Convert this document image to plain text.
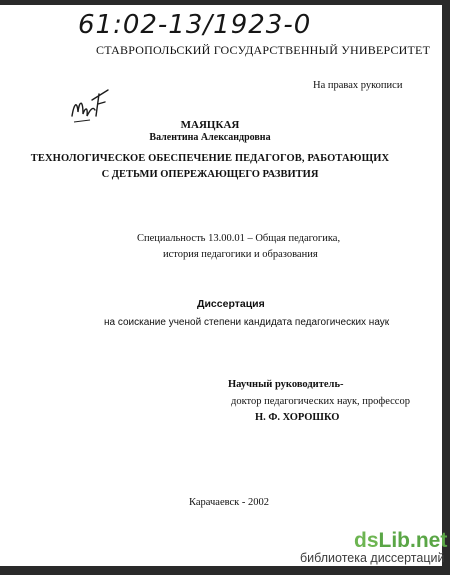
61:02-13/1923-0
СТАВРОПОЛЬСКИЙ ГОСУДАРСТВЕННЫЙ УНИВЕРСИТЕТ
На правах рукописи
МАЯЦКАЯ
Валентина Александровна
ТЕХНОЛОГИЧЕСКОЕ ОБЕСПЕЧЕНИЕ ПЕДАГОГОВ, РАБОТАЮЩИХ
С ДЕТЬМИ ОПЕРЕЖАЮЩЕГО РАЗВИТИЯ
Специальность 13.00.01 – Общая педагогика,
история педагогики и образования
Диссертация
на соискание ученой степени кандидата педагогических наук
Научный руководитель-
доктор педагогических наук, профессор
Н. Ф. ХОРОШКО
Карачаевск - 2002
dsLib.net
библиотека диссертаций
